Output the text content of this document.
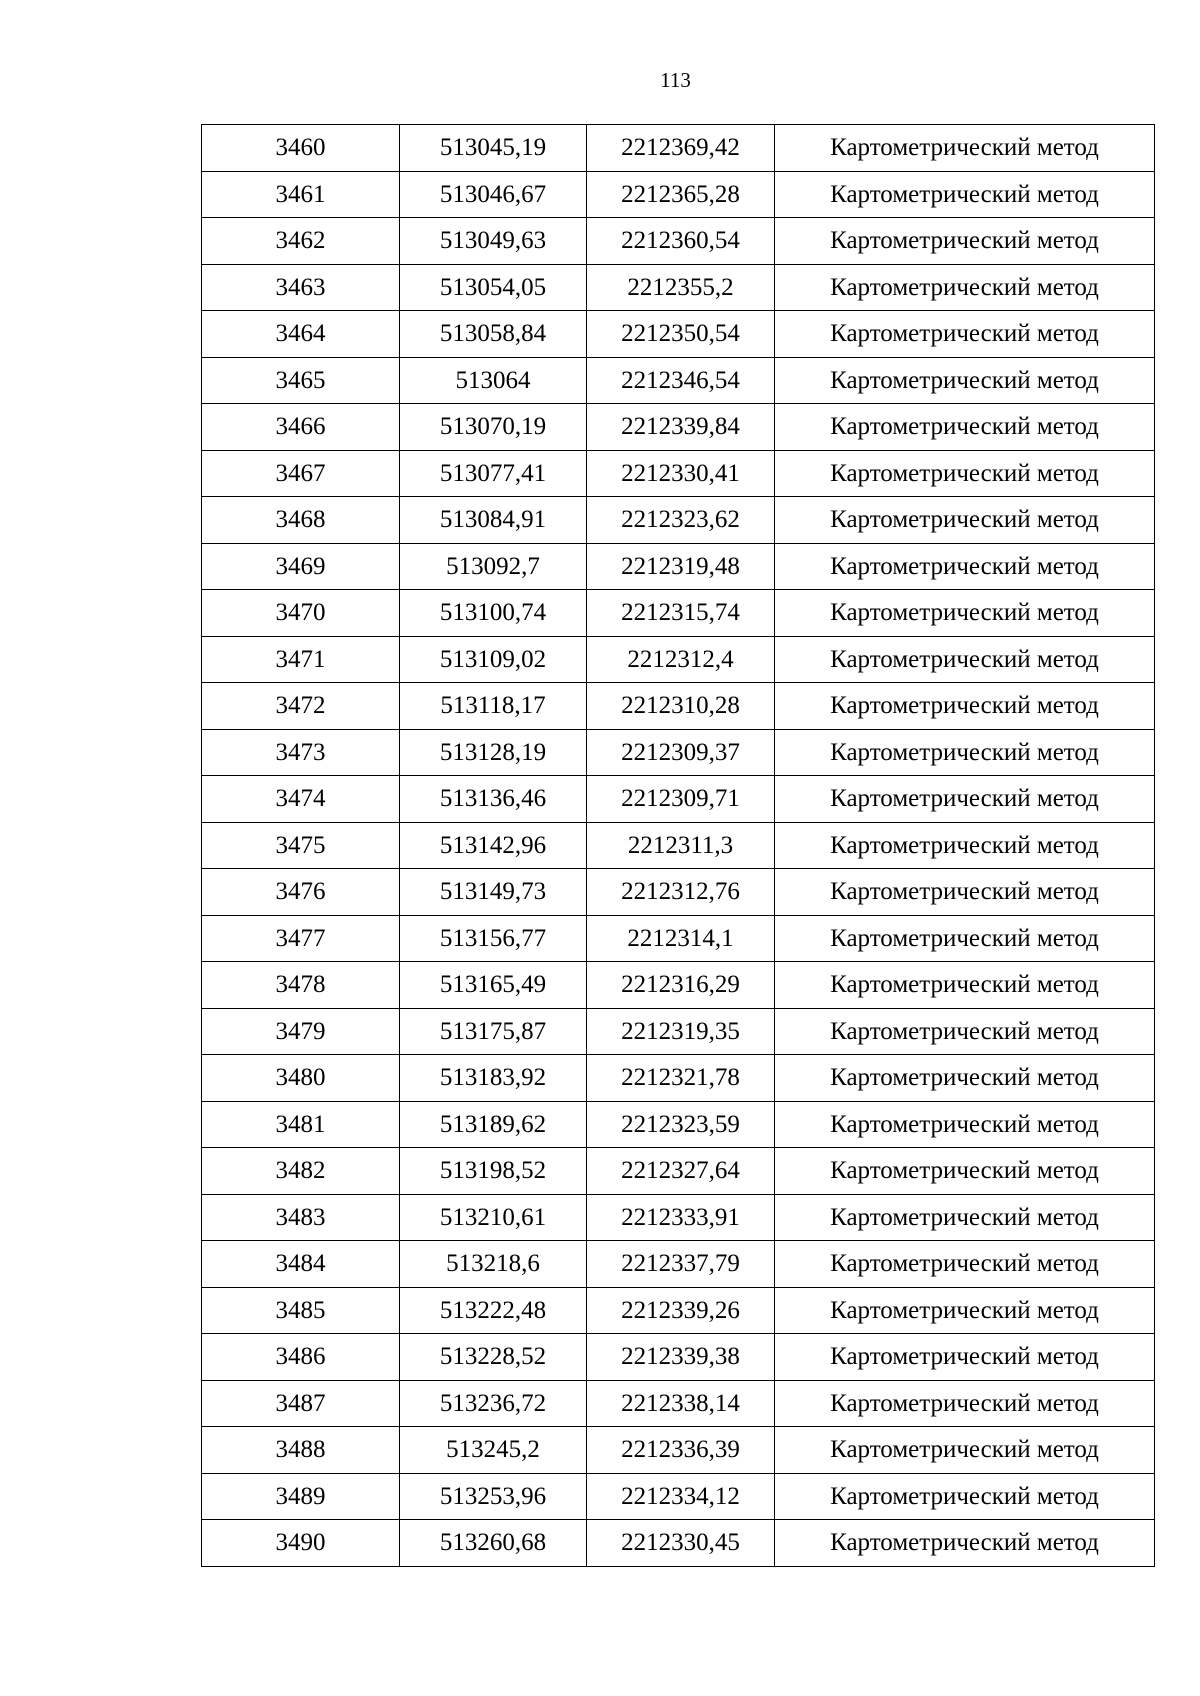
113
3460	513045,19	2212369,42	Картометрический метод
3461	513046,67	2212365,28	Картометрический метод
3462	513049,63	2212360,54	Картометрический метод
3463	513054,05	2212355,2	Картометрический метод
3464	513058,84	2212350,54	Картометрический метод
3465	513064	2212346,54	Картометрический метод
3466	513070,19	2212339,84	Картометрический метод
3467	513077,41	2212330,41	Картометрический метод
3468	513084,91	2212323,62	Картометрический метод
3469	513092,7	2212319,48	Картометрический метод
3470	513100,74	2212315,74	Картометрический метод
3471	513109,02	2212312,4	Картометрический метод
3472	513118,17	2212310,28	Картометрический метод
3473	513128,19	2212309,37	Картометрический метод
3474	513136,46	2212309,71	Картометрический метод
3475	513142,96	2212311,3	Картометрический метод
3476	513149,73	2212312,76	Картометрический метод
3477	513156,77	2212314,1	Картометрический метод
3478	513165,49	2212316,29	Картометрический метод
3479	513175,87	2212319,35	Картометрический метод
3480	513183,92	2212321,78	Картометрический метод
3481	513189,62	2212323,59	Картометрический метод
3482	513198,52	2212327,64	Картометрический метод
3483	513210,61	2212333,91	Картометрический метод
3484	513218,6	2212337,79	Картометрический метод
3485	513222,48	2212339,26	Картометрический метод
3486	513228,52	2212339,38	Картометрический метод
3487	513236,72	2212338,14	Картометрический метод
3488	513245,2	2212336,39	Картометрический метод
3489	513253,96	2212334,12	Картометрический метод
3490	513260,68	2212330,45	Картометрический метод
